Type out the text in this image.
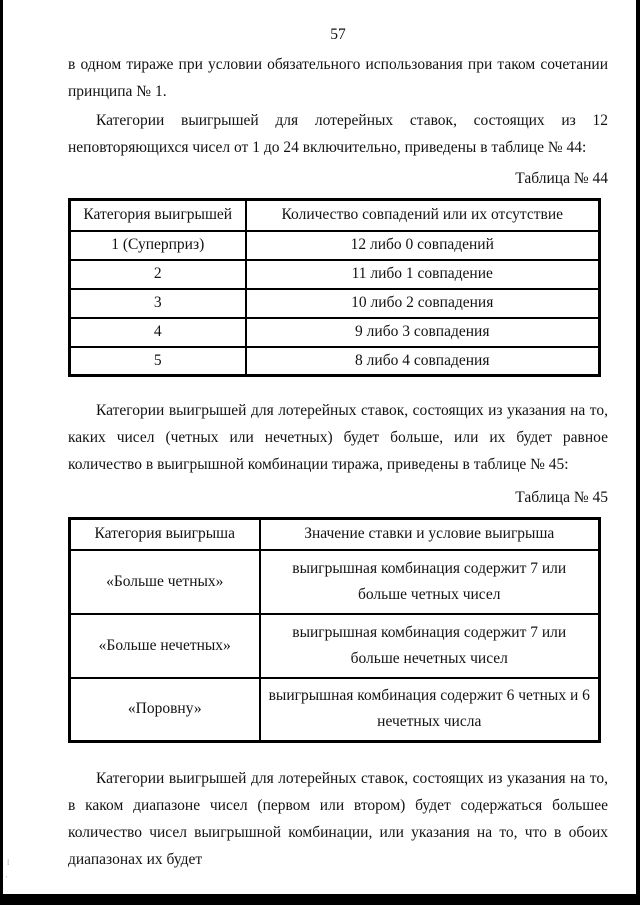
᎒
·
57

в одном тираже при условии обязательного использования при таком сочетании принципа № 1.

Категории выигрышей для лотерейных ставок, состоящих из 12 неповторяющихся чисел от 1 до 24 включительно, приведены в таблице № 44:

Таблица № 44
Категория выигрышей	Количество совпадений или их отсутствие
1 (Суперприз)	12 либо 0 совпадений
2	11 либо 1 совпадение
3	10 либо 2 совпадения
4	9 либо 3 совпадения
5	8 либо 4 совпадения

Категории выигрышей для лотерейных ставок, состоящих из указания на то, каких чисел (четных или нечетных) будет больше, или их будет равное количество в выигрышной комбинации тиража, приведены в таблице № 45:

Таблица № 45
Категория выигрыша	Значение ставки и условие выигрыша
«Больше четных»	выигрышная комбинация содержит 7 или больше четных чисел
«Больше нечетных»	выигрышная комбинация содержит 7 или больше нечетных чисел
«Поровну»	выигрышная комбинация содержит 6 четных и 6 нечетных числа

Категории выигрышей для лотерейных ставок, состоящих из указания на то, в каком диапазоне чисел (первом или втором) будет содержаться большее количество чисел выигрышной комбинации, или указания на то, что в обоих диапазонах их будет
